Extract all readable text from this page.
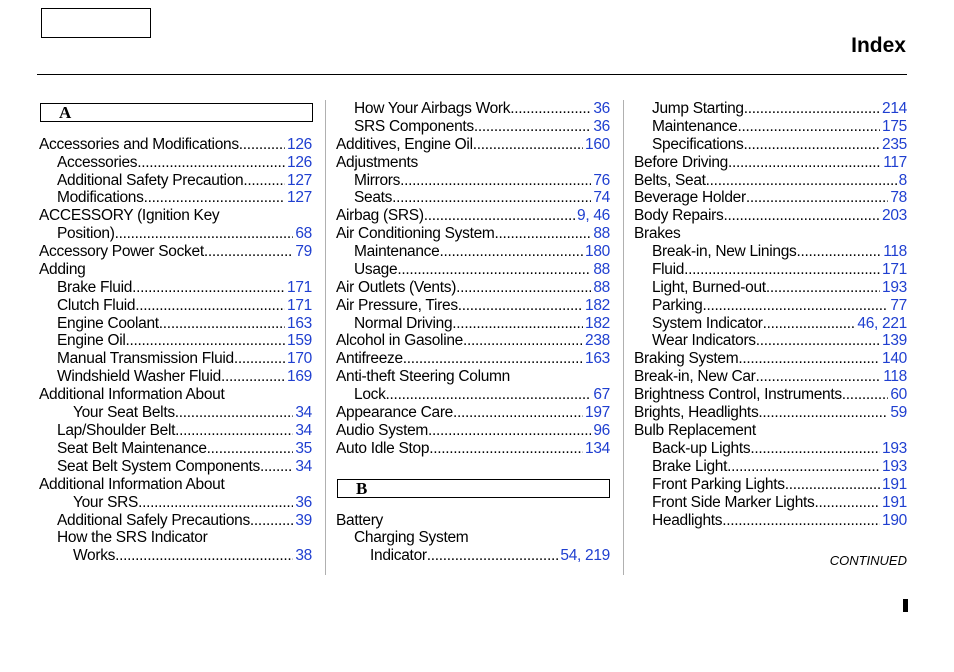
Index
A
B
Accessories and Modifications .....	126
Accessories .....	126
Additional Safety Precaution .....	127
Modifications .....	127
ACCESSORY (Ignition Key
Position) .....	68
Accessory Power Socket .....	79
Adding
Brake Fluid .....	171
Clutch Fluid .....	171
Engine Coolant .....	163
Engine Oil .....	159
Manual Transmission Fluid .....	170
Windshield Washer Fluid .....	169
Additional Information About
Your Seat Belts .....	34
Lap/Shoulder Belt .....	34
Seat Belt Maintenance .....	35
Seat Belt System Components ..... 34
Additional Information About
Your SRS .....	36
Additional Safely Precautions .....	39
How the SRS Indicator
Works .....	38
How Your Airbags Work .....	36
SRS Components .....	36
Additives, Engine Oil .....	160
Adjustments
Mirrors .....	76
Seats .....	74
Airbag (SRS) .....	9, 46
Air Conditioning System .....	88
Maintenance .....	180
Usage .....	88
Air Outlets (Vents) .....	88
Air Pressure, Tires .....	182
Normal Driving .....	182
Alcohol in Gasoline .....	238
Antifreeze .....	163
Anti-theft Steering Column
Lock .....	67
Appearance Care .....	197
Audio System .....	96
Auto Idle Stop .....	134
Battery
Charging System
Indicator .....	54, 219
Jump Starting .....	214
Maintenance .....	175
Specifications .....	235
Before Driving .....	117
Belts, Seat .....	8
Beverage Holder .....	78
Body Repairs .....	203
Brakes
Break-in, New Linings .....	118
Fluid .....	171
Light, Burned-out .....	193
Parking .....	77
System Indicator .....	46, 221
Wear Indicators .....	139
Braking System .....	140
Break-in, New Car .....	118
Brightness Control, Instruments .....	60
Brights, Headlights .....	59
Bulb Replacement
Back-up Lights .....	193
Brake Light .....	193
Front Parking Lights .....	191
Front Side Marker Lights .....	191
Headlights .....	190
CONTINUED
